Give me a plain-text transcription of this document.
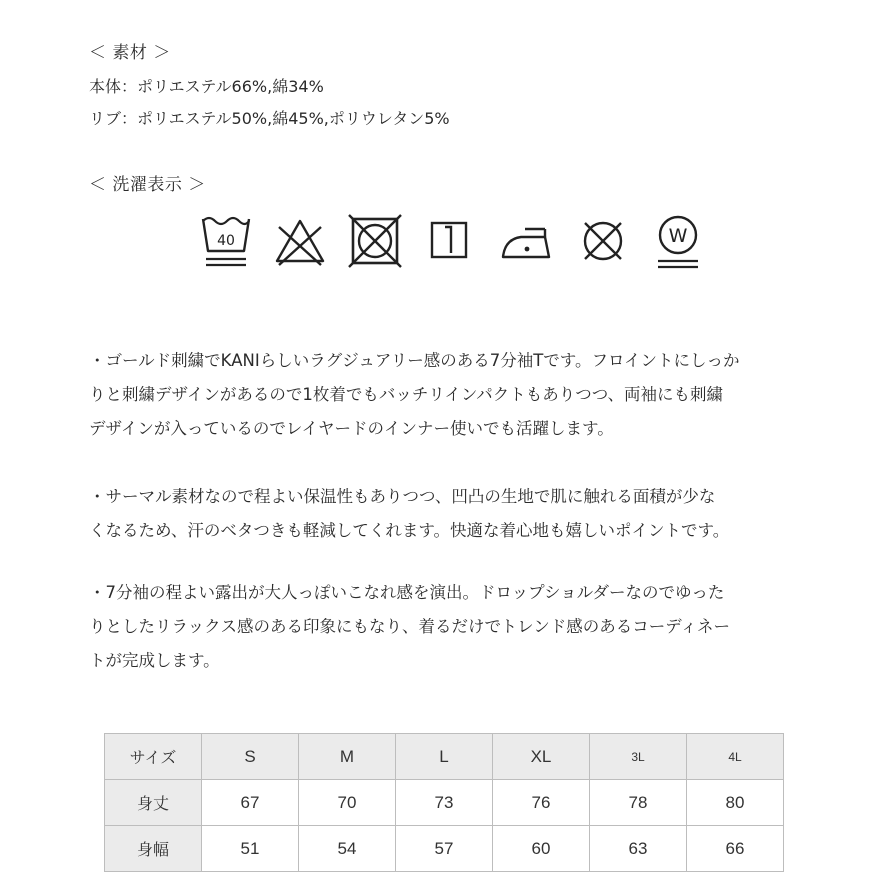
＜ 素材 ＞
本体：ポリエステル66%,綿34%
リブ：ポリエステル50%,綿45%,ポリウレタン5%
＜ 洗濯表示 ＞
40	W
・ゴールド刺繍でKANIらしいラグジュアリー感のある7分袖Tです。フロイントにしっか
りと刺繍デザインがあるので1枚着でもバッチリインパクトもありつつ、両袖にも刺繍
デザインが入っているのでレイヤードのインナー使いでも活躍します。
・サーマル素材なので程よい保温性もありつつ、凹凸の生地で肌に触れる面積が少な
くなるため、汗のベタつきも軽減してくれます。快適な着心地も嬉しいポイントです。
・7分袖の程よい露出が大人っぽいこなれ感を演出。ドロップショルダーなのでゆった
りとしたリラックス感のある印象にもなり、着るだけでトレンド感のあるコーディネー
トが完成します。
サイズ	S	M	L	XL	3L	4L
身丈	67	70	73	76	78	80
身幅	51	54	57	60	63	66
